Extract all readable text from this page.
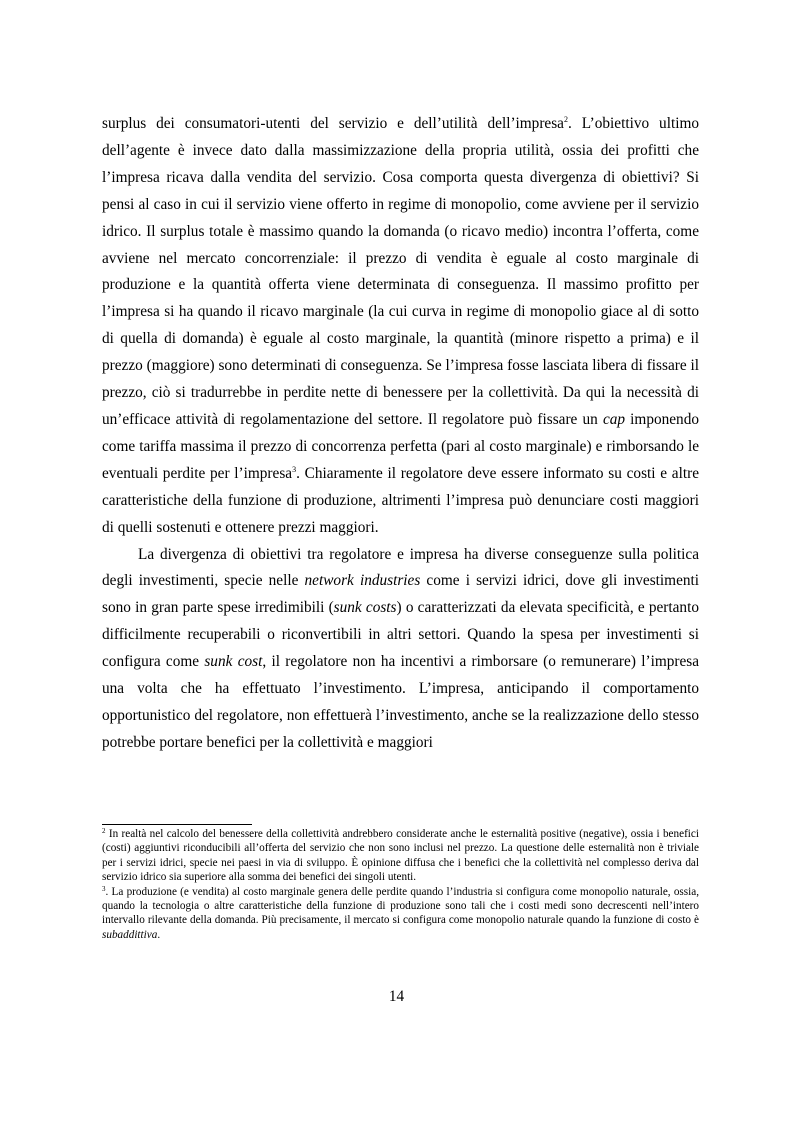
surplus dei consumatori-utenti del servizio e dell’utilità dell’impresa$^2$. L’obiettivo ultimo dell’agente è invece dato dalla massimizzazione della propria utilità, ossia dei profitti che l’impresa ricava dalla vendita del servizio. Cosa comporta questa divergenza di obiettivi? Si pensi al caso in cui il servizio viene offerto in regime di monopolio, come avviene per il servizio idrico. Il surplus totale è massimo quando la domanda (o ricavo medio) incontra l’offerta, come avviene nel mercato concorrenziale: il prezzo di vendita è eguale al costo marginale di produzione e la quantità offerta viene determinata di conseguenza. Il massimo profitto per l’impresa si ha quando il ricavo marginale (la cui curva in regime di monopolio giace al di sotto di quella di domanda) è eguale al costo marginale, la quantità (minore rispetto a prima) e il prezzo (maggiore) sono determinati di conseguenza. Se l’impresa fosse lasciata libera di fissare il prezzo, ciò si tradurrebbe in perdite nette di benessere per la collettività. Da qui la necessità di un’efficace attività di regolamentazione del settore. Il regolatore può fissare un cap imponendo come tariffa massima il prezzo di concorrenza perfetta (pari al costo marginale) e rimborsando le eventuali perdite per l’impresa$^3$. Chiaramente il regolatore deve essere informato su costi e altre caratteristiche della funzione di produzione, altrimenti l’impresa può denunciare costi maggiori di quelli sostenuti e ottenere prezzi maggiori.

La divergenza di obiettivi tra regolatore e impresa ha diverse conseguenze sulla politica degli investimenti, specie nelle network industries come i servizi idrici, dove gli investimenti sono in gran parte spese irredimibili (sunk costs) o caratterizzati da elevata specificità, e pertanto difficilmente recuperabili o riconvertibili in altri settori. Quando la spesa per investimenti si configura come sunk cost, il regolatore non ha incentivi a rimborsare (o remunerare) l’impresa una volta che ha effettuato l’investimento. L’impresa, anticipando il comportamento opportunistico del regolatore, non effettuerà l’investimento, anche se la realizzazione dello stesso potrebbe portare benefici per la collettività e maggiori

$^2$ In realtà nel calcolo del benessere della collettività andrebbero considerate anche le esternalità positive (negative), ossia i benefici (costi) aggiuntivi riconducibili all’offerta del servizio che non sono inclusi nel prezzo. La questione delle esternalità non è triviale per i servizi idrici, specie nei paesi in via di sviluppo. È opinione diffusa che i benefici che la collettività nel complesso deriva dal servizio idrico sia superiore alla somma dei benefici dei singoli utenti.

$^3$. La produzione (e vendita) al costo marginale genera delle perdite quando l’industria si configura come monopolio naturale, ossia, quando la tecnologia o altre caratteristiche della funzione di produzione sono tali che i costi medi sono decrescenti nell’intero intervallo rilevante della domanda. Più precisamente, il mercato si configura come monopolio naturale quando la funzione di costo è subaddittiva.

14
